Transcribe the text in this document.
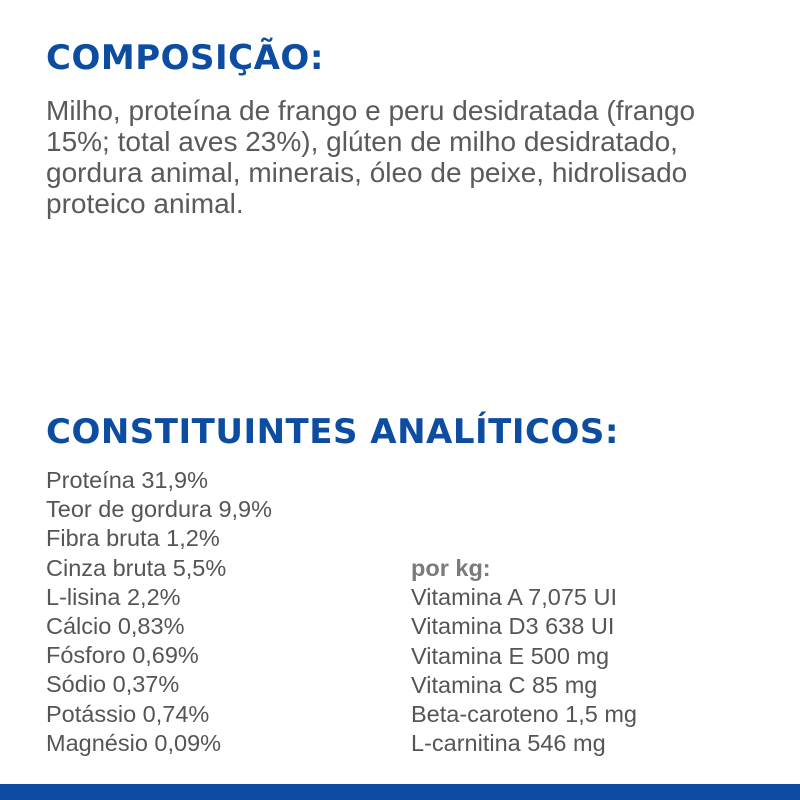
COMPOSIÇÃO:

Milho, proteína de frango e peru desidratada (frango 15%; total aves 23%), glúten de milho desidratado, gordura animal, minerais, óleo de peixe, hidrolisado proteico animal.

CONSTITUINTES ANALÍTICOS:
Proteína 31,9%
Teor de gordura 9,9%
Fibra bruta 1,2%
Cinza bruta 5,5%
L-lisina 2,2%
Cálcio 0,83%
Fósforo 0,69%
Sódio 0,37%
Potássio 0,74%
Magnésio 0,09%
por kg:
Vitamina A 7,075 UI
Vitamina D3 638 UI
Vitamina E 500 mg
Vitamina C 85 mg
Beta-caroteno 1,5 mg
L-carnitina 546 mg
